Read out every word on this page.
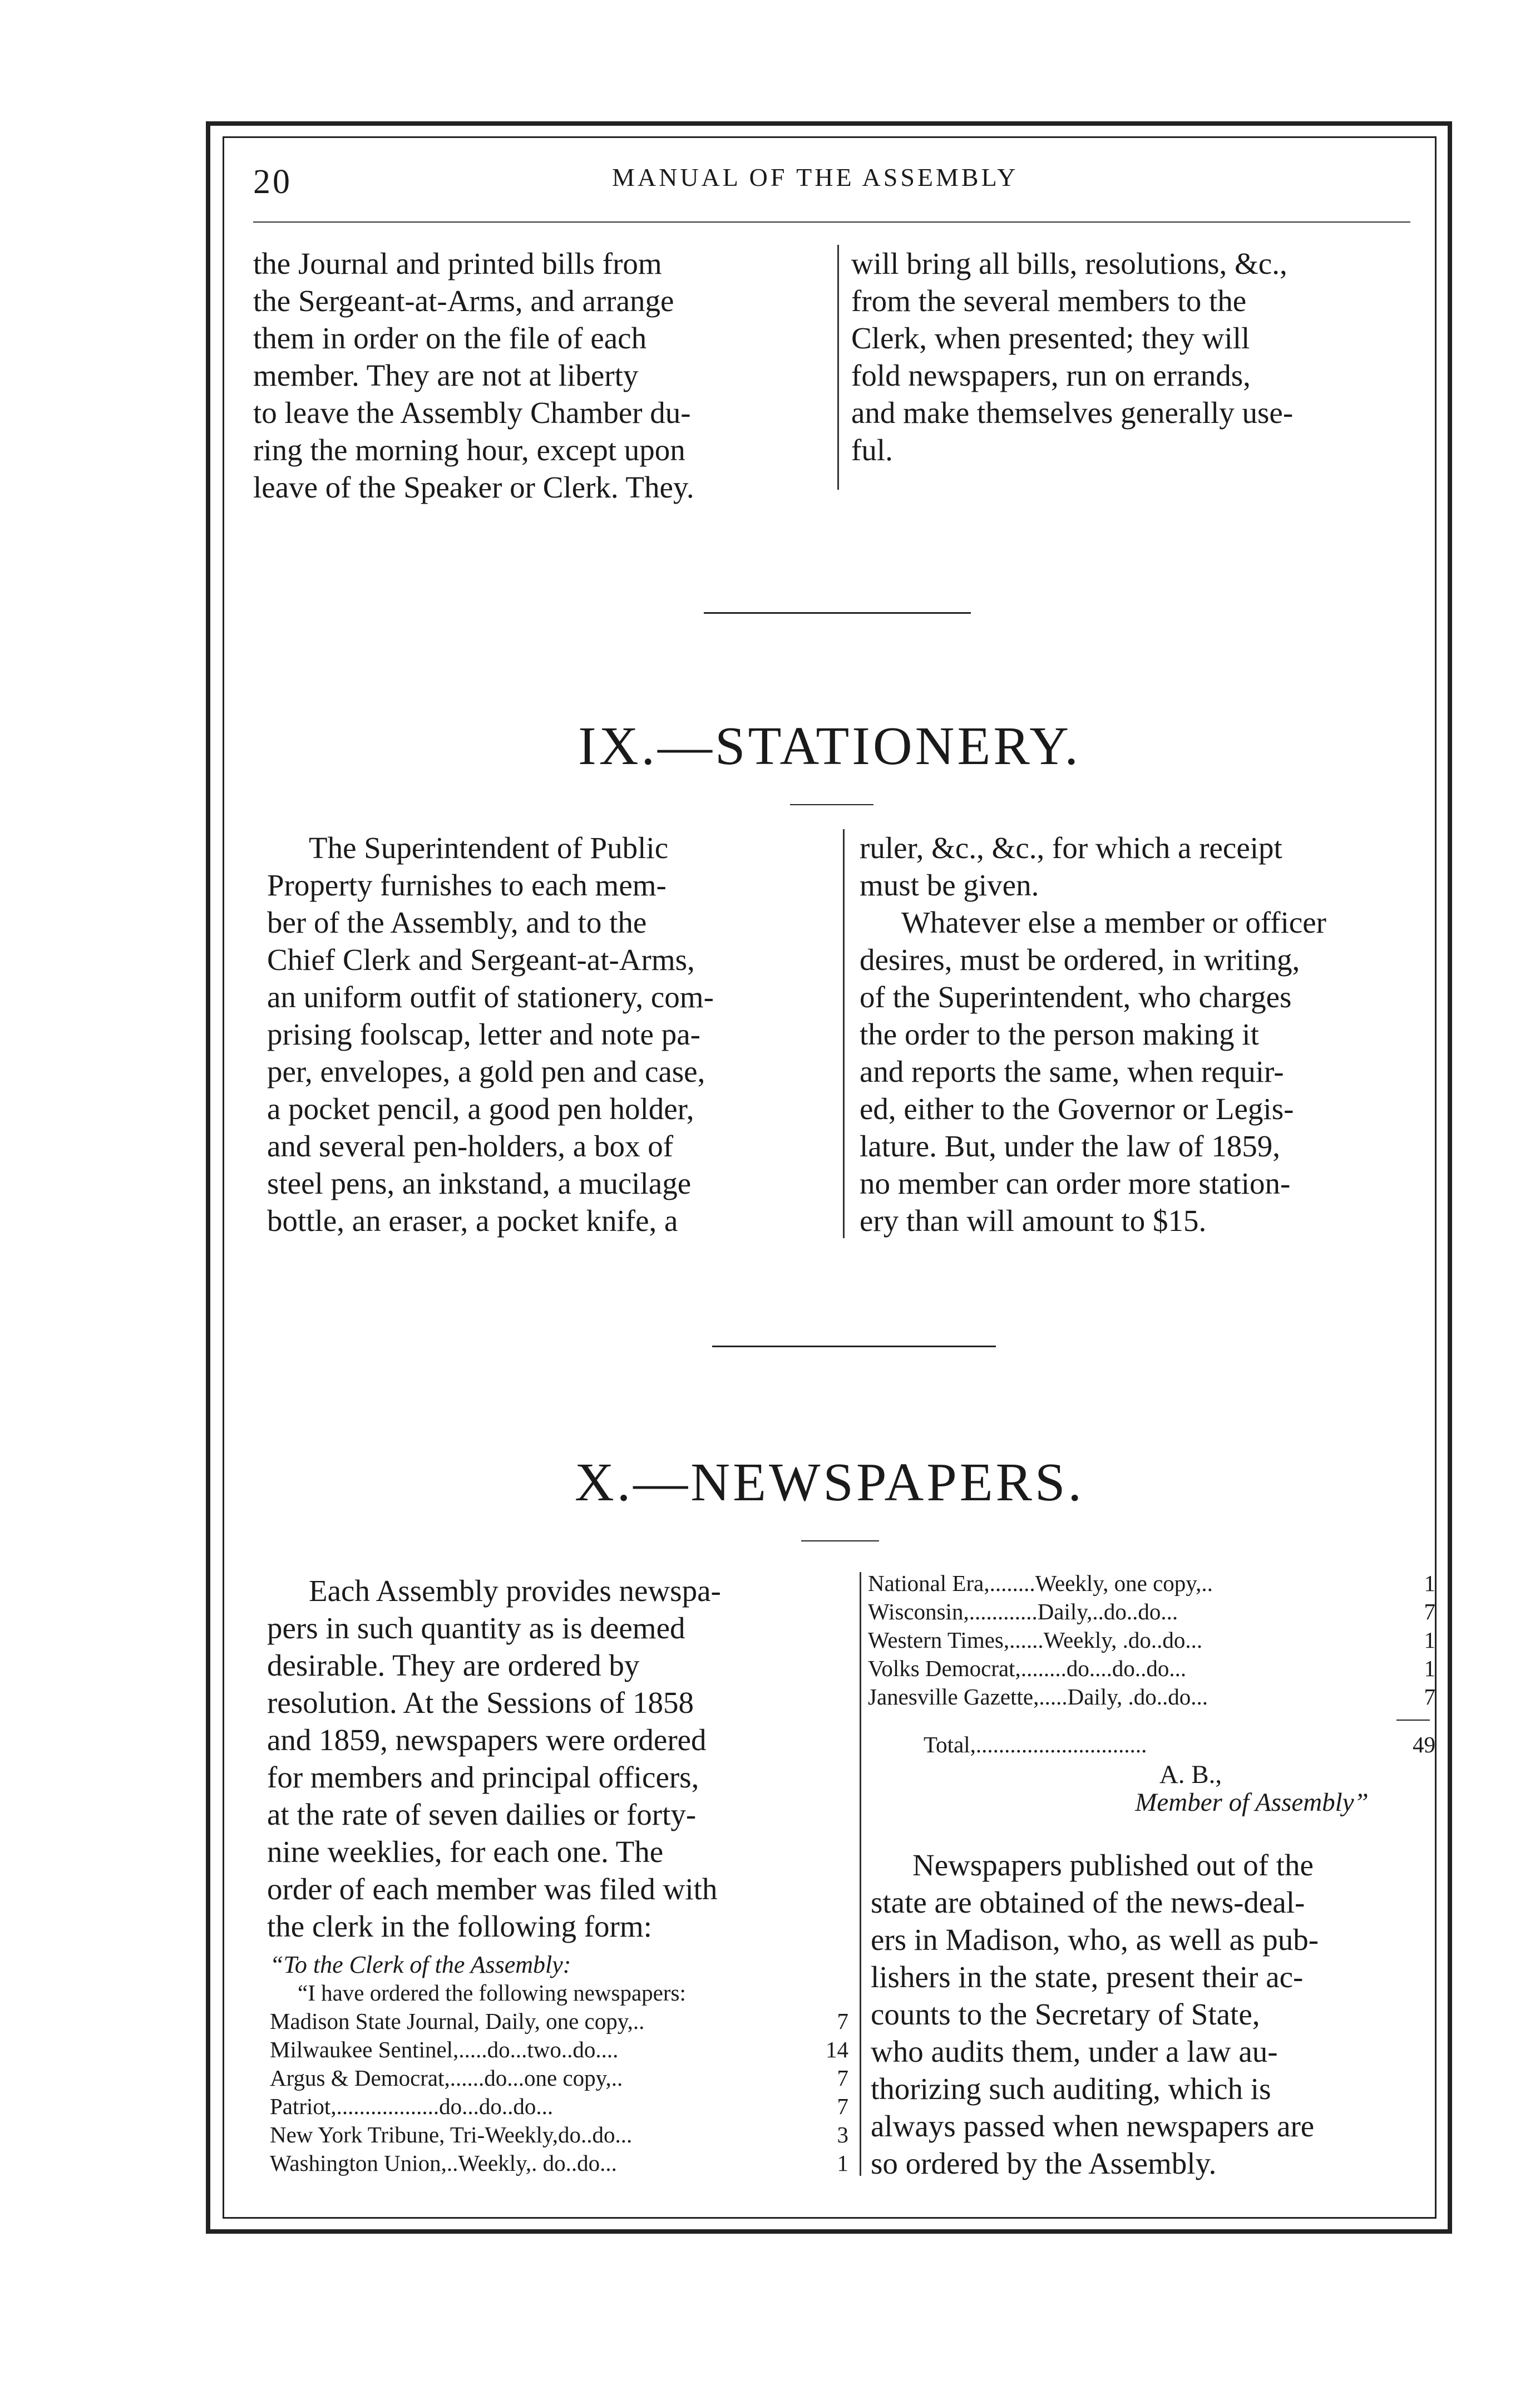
20	MANUAL OF THE ASSEMBLY

the Journal and printed bills from

the Sergeant-at-Arms, and arrange

them in order on the file of each

member. They are not at liberty

to leave the Assembly Chamber du-

ring the morning hour, except upon

leave of the Speaker or Clerk. They.

will bring all bills, resolutions, &c.,

from the several members to the

Clerk, when presented; they will

fold newspapers, run on errands,

and make themselves generally use-

ful.

IX.—STATIONERY.

The Superintendent of Public

Property furnishes to each mem-

ber of the Assembly, and to the

Chief Clerk and Sergeant-at-Arms,

an uniform outfit of stationery, com-

prising foolscap, letter and note pa-

per, envelopes, a gold pen and case,

a pocket pencil, a good pen holder,

and several pen-holders, a box of

steel pens, an inkstand, a mucilage

bottle, an eraser, a pocket knife, a

ruler, &c., &c., for which a receipt

must be given.

Whatever else a member or officer

desires, must be ordered, in writing,

of the Superintendent, who charges

the order to the person making it

and reports the same, when requir-

ed, either to the Governor or Legis-

lature. But, under the law of 1859,

no member can order more station-

ery than will amount to $15.

X.—NEWSPAPERS.

Each Assembly provides newspa-

pers in such quantity as is deemed

desirable. They are ordered by

resolution. At the Sessions of 1858

and 1859, newspapers were ordered

for members and principal officers,

at the rate of seven dailies or forty-

nine weeklies, for each one. The

order of each member was filed with

the clerk in the following form:

“To the Clerk of the Assembly:
“I have ordered the following newspapers:
Madison State Journal, Daily, one copy, ..	7
Milwaukee Sentinel, .....do...two..do....	14
Argus & Democrat, ......do...one copy,..	7
Patriot, ..................do...do..do...	7
New York Tribune, Tri-Weekly, do..do...	3
Washington Union,..Weekly, . do..do...	1
National Era, ........Weekly, one copy,..	1
Wisconsin, ............Daily,..do..do...	7
Western Times, ......Weekly, .do..do...	1
Volks Democrat, ........do....do..do...	1
Janesville Gazette, .....Daily, .do..do...	7
Total, ..............................	49
A. B.,
Member of Assembly”

Newspapers published out of the

state are obtained of the news-deal-

ers in Madison, who, as well as pub-

lishers in the state, present their ac-

counts to the Secretary of State,

who audits them, under a law au-

thorizing such auditing, which is

always passed when newspapers are

so ordered by the Assembly.
